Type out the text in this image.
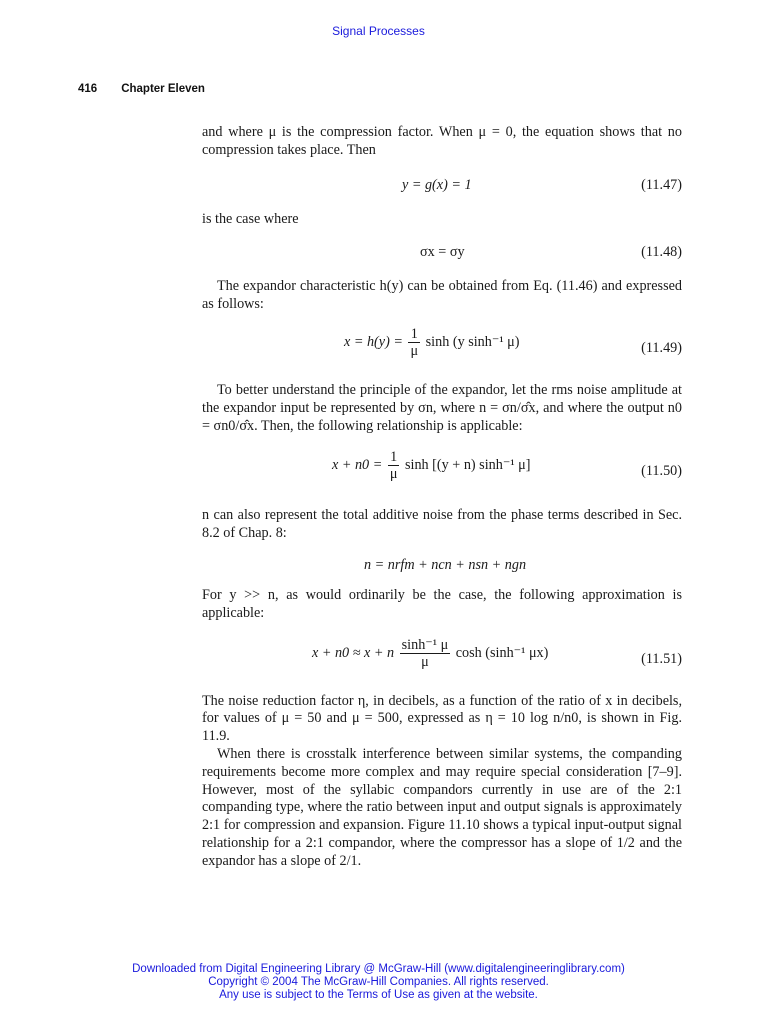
Signal Processes
416 Chapter Eleven

and where μ is the compression factor. When μ = 0, the equation shows that no compression takes place. Then

y = g(x) = 1	(11.47)

is the case where

σx = σy	(11.48)

The expandor characteristic h(y) can be obtained from Eq. (11.46) and expressed as follows:

$x = h(y) = \frac{1}{\mu}$ sinh (y sinh⁻¹ μ)	(11.49)

To better understand the principle of the expandor, let the rms noise amplitude at the expandor input be represented by σn, where n = σn/σ̂x, and where the output n0 = σn0/σ̂x. Then, the following relationship is applicable:

$x + n0 = \frac{1}{\mu}$ sinh [(y + n) sinh⁻¹ μ]	(11.50)

n can also represent the total additive noise from the phase terms described in Sec. 8.2 of Chap. 8:

n = nrfm + ncn + nsn + ngn

For y >> n, as would ordinarily be the case, the following approximation is applicable:

x + n0 ≈ x + n $\frac{\text{sinh⁻¹ μ}}{\mu}$ cosh (sinh⁻¹ μx)	(11.51)

The noise reduction factor η, in decibels, as a function of the ratio of x in decibels, for values of μ = 50 and μ = 500, expressed as η = 10 log n/n0, is shown in Fig. 11.9.

When there is crosstalk interference between similar systems, the companding requirements become more complex and may require special consideration [7–9]. However, most of the syllabic compandors currently in use are of the 2:1 companding type, where the ratio between input and output signals is approximately 2:1 for compression and expansion. Figure 11.10 shows a typical input-output signal relationship for a 2:1 compandor, where the compressor has a slope of 1/2 and the expandor has a slope of 2/1.

Downloaded from Digital Engineering Library @ McGraw-Hill (www.digitalengineeringlibrary.com)
Copyright © 2004 The McGraw-Hill Companies. All rights reserved.
Any use is subject to the Terms of Use as given at the website.
